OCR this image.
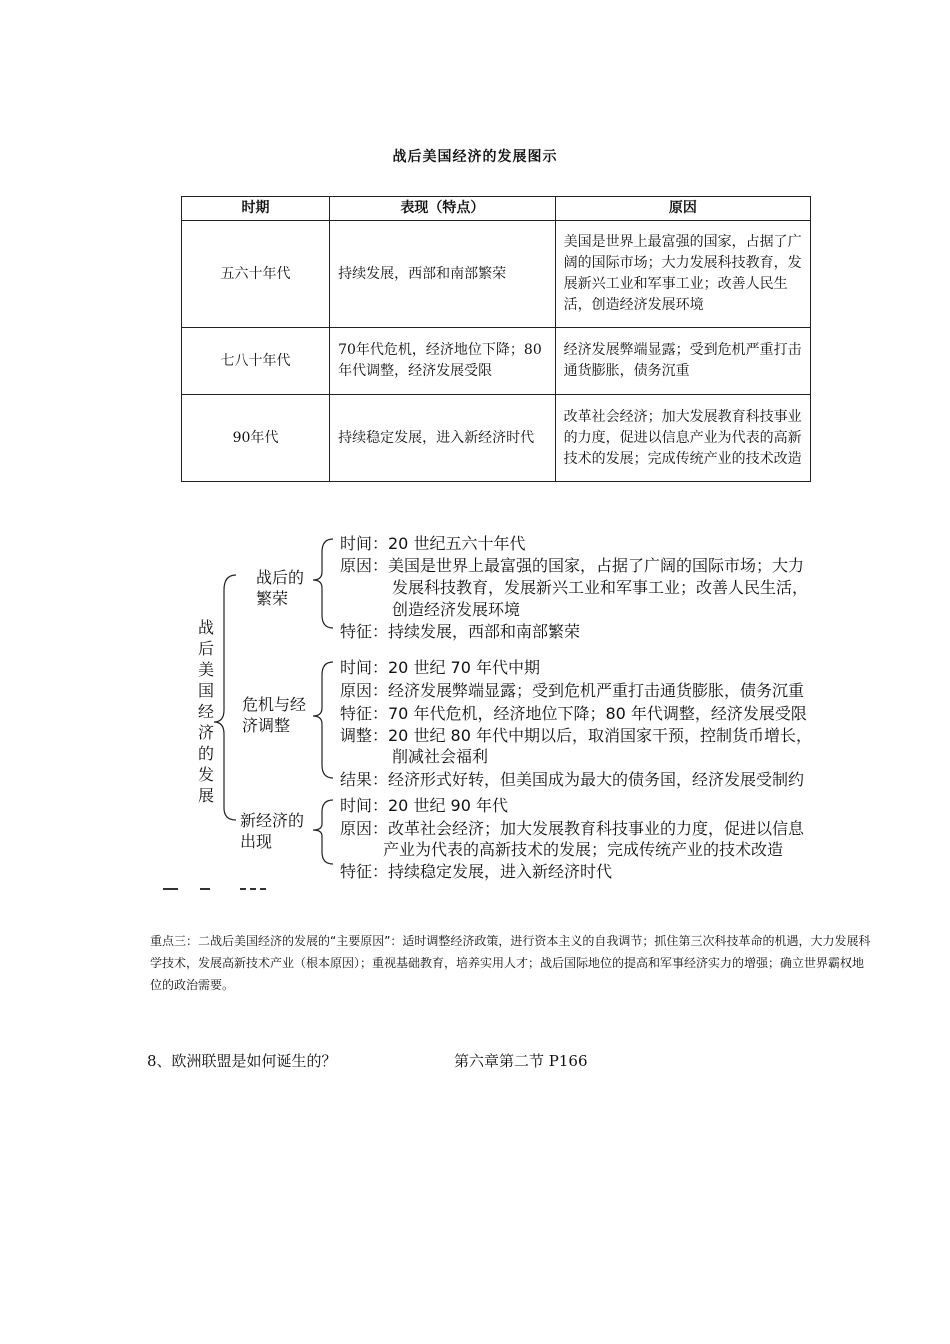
战后美国经济的发展图示
时期	表现（特点）	原因
五六十年代	持续发展，西部和南部繁荣	美国是世界上最富强的国家，占据了广阔的国际市场；大力发展科技教育，发展新兴工业和军事工业；改善人民生活，创造经济发展环境
七八十年代	70年代危机，经济地位下降；80年代调整，经济发展受限	经济发展弊端显露；受到危机严重打击通货膨胀，债务沉重
90年代	持续稳定发展，进入新经济时代	改革社会经济；加大发展教育科技事业的力度，促进以信息产业为代表的高新技术的发展；完成传统产业的技术改造
战
后
美
国
经
济
的
发
展
战后的
繁荣
危机与经
济调整
新经济的
出现
时间：20 世纪五六十年代
原因：美国是世界上最富强的国家，占据了广阔的国际市场；大力
发展科技教育，发展新兴工业和军事工业；改善人民生活，
创造经济发展环境
特征：持续发展，西部和南部繁荣
时间：20 世纪 70 年代中期
原因：经济发展弊端显露；受到危机严重打击通货膨胀，债务沉重
特征：70 年代危机，经济地位下降；80 年代调整，经济发展受限
调整：20 世纪 80 年代中期以后，取消国家干预，控制货币增长，
削减社会福利
结果：经济形式好转，但美国成为最大的债务国，经济发展受制约
时间：20 世纪 90 年代
原因：改革社会经济；加大发展教育科技事业的力度，促进以信息
产业为代表的高新技术的发展；完成传统产业的技术改造
特征：持续稳定发展，进入新经济时代
重点三：二战后美国经济的发展的“主要原因”：适时调整经济政策，进行资本主义的自我调节；抓住第三次科技革命的机遇，大力发展科学技术，发展高新技术产业（根本原因）；重视基础教育，培养实用人才；战后国际地位的提高和军事经济实力的增强；确立世界霸权地位的政治需要。
8、欧洲联盟是如何诞生的？	第六章第二节 P166
